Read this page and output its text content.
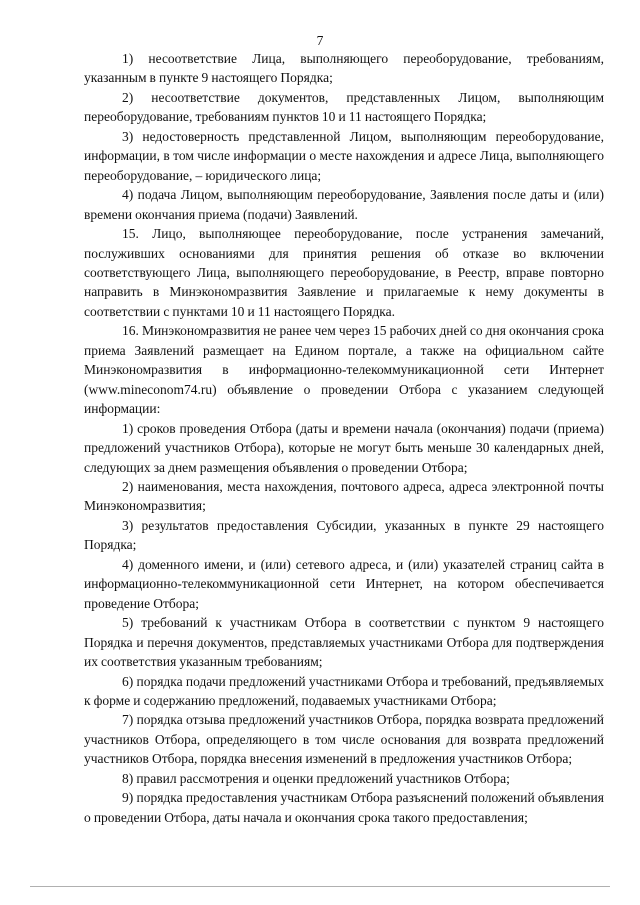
7

1) несоответствие Лица, выполняющего переоборудование, требованиям, указанным в пункте 9 настоящего Порядка;

2) несоответствие документов, представленных Лицом, выполняющим переоборудование, требованиям пунктов 10 и 11 настоящего Порядка;

3) недостоверность представленной Лицом, выполняющим переоборудование, информации, в том числе информации о месте нахождения и адресе Лица, выполняющего переоборудование, – юридического лица;

4) подача Лицом, выполняющим переоборудование, Заявления после даты и (или) времени окончания приема (подачи) Заявлений.

15. Лицо, выполняющее переоборудование, после устранения замечаний, послуживших основаниями для принятия решения об отказе во включении соответствующего Лица, выполняющего переоборудование, в Реестр, вправе повторно направить в Минэкономразвития Заявление и прилагаемые к нему документы в соответствии с пунктами 10 и 11 настоящего Порядка.

16. Минэкономразвития не ранее чем через 15 рабочих дней со дня окончания срока приема Заявлений размещает на Едином портале, а также на официальном сайте Минэкономразвития в информационно-телекоммуникационной сети Интернет (www.mineconom74.ru) объявление о проведении Отбора с указанием следующей информации:

1) сроков проведения Отбора (даты и времени начала (окончания) подачи (приема) предложений участников Отбора), которые не могут быть меньше 30 календарных дней, следующих за днем размещения объявления о проведении Отбора;

2) наименования, места нахождения, почтового адреса, адреса электронной почты Минэкономразвития;

3) результатов предоставления Субсидии, указанных в пункте 29 настоящего Порядка;

4) доменного имени, и (или) сетевого адреса, и (или) указателей страниц сайта в информационно-телекоммуникационной сети Интернет, на котором обеспечивается проведение Отбора;

5) требований к участникам Отбора в соответствии с пунктом 9 настоящего Порядка и перечня документов, представляемых участниками Отбора для подтверждения их соответствия указанным требованиям;

6) порядка подачи предложений участниками Отбора и требований, предъявляемых к форме и содержанию предложений, подаваемых участниками Отбора;

7) порядка отзыва предложений участников Отбора, порядка возврата предложений участников Отбора, определяющего в том числе основания для возврата предложений участников Отбора, порядка внесения изменений в предложения участников Отбора;

8) правил рассмотрения и оценки предложений участников Отбора;

9) порядка предоставления участникам Отбора разъяснений положений объявления о проведении Отбора, даты начала и окончания срока такого предоставления;
